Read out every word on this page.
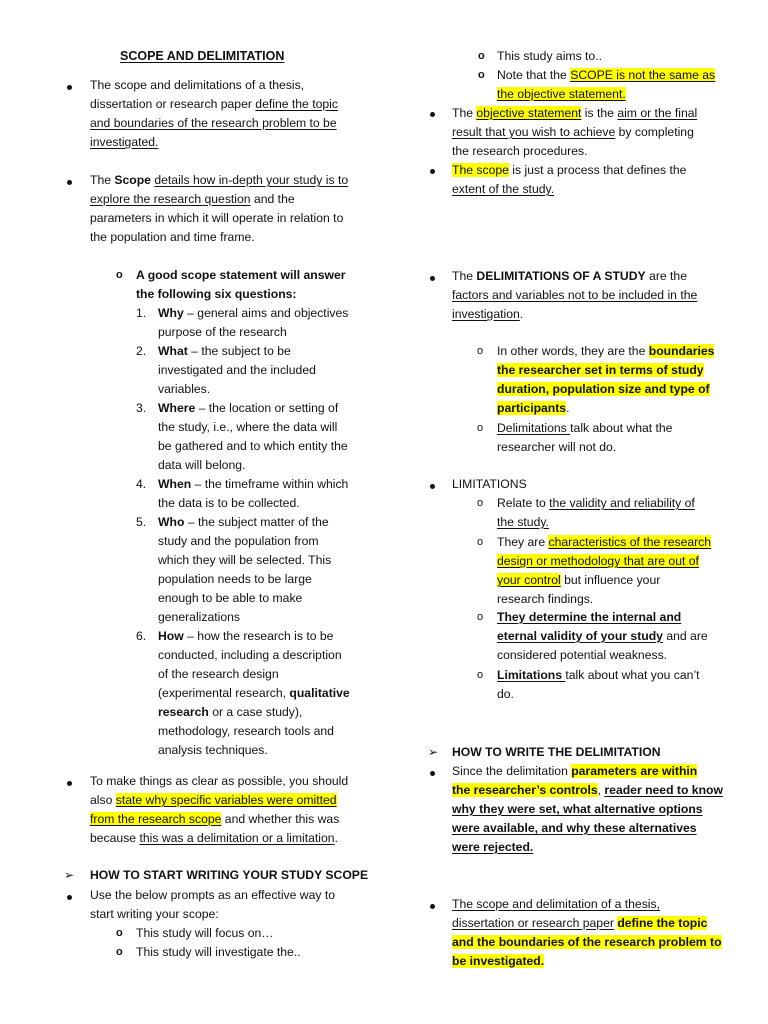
SCOPE AND DELIMITATION
The scope and delimitations of a thesis,
dissertation or research paper define the topic
and boundaries of the research problem to be
investigated.
The Scope details how in-depth your study is to
explore the research question and the
parameters in which it will operate in relation to
the population and time frame.
o A good scope statement will answer
the following six questions:
1. Why – general aims and objectives
purpose of the research
2. What – the subject to be
investigated and the included
variables.
3. Where – the location or setting of
the study, i.e., where the data will
be gathered and to which entity the
data will belong.
4. When – the timeframe within which
the data is to be collected.
5. Who – the subject matter of the
study and the population from
which they will be selected. This
population needs to be large
enough to be able to make
generalizations
6. How – how the research is to be
conducted, including a description
of the research design
(experimental research, qualitative
research or a case study),
methodology, research tools and
analysis techniques.
To make things as clear as possible, you should
also state why specific variables were omitted
from the research scope and whether this was
because this was a delimitation or a limitation.
➢ HOW TO START WRITING YOUR STUDY SCOPE
Use the below prompts as an effective way to
start writing your scope:
o This study will focus on…
o This study will investigate the..
o
o
This study aims to..
Note that the SCOPE is not the same as
the objective statement.
The objective statement is the aim or the final
result that you wish to achieve by completing
the research procedures.
The scope is just a process that defines the
extent of the study.
The DELIMITATIONS OF A STUDY are the
factors and variables not to be included in the
investigation.
o In other words, they are the boundaries
the researcher set in terms of study
duration, population size and type of
participants.
o Delimitations talk about what the
researcher will not do.
LIMITATIONS
o Relate to the validity and reliability of
the study.
o They are characteristics of the research
design or methodology that are out of
your control but influence your
research findings.
o They determine the internal and
eternal validity of your study and are
considered potential weakness.
o Limitations talk about what you can’t
do.
➢ HOW TO WRITE THE DELIMITATION
Since the delimitation parameters are within
the researcher’s controls, reader need to know
why they were set, what alternative options
were available, and why these alternatives
were rejected.
The scope and delimitation of a thesis,
dissertation or research paper define the topic
and the boundaries of the research problem to
be investigated.
